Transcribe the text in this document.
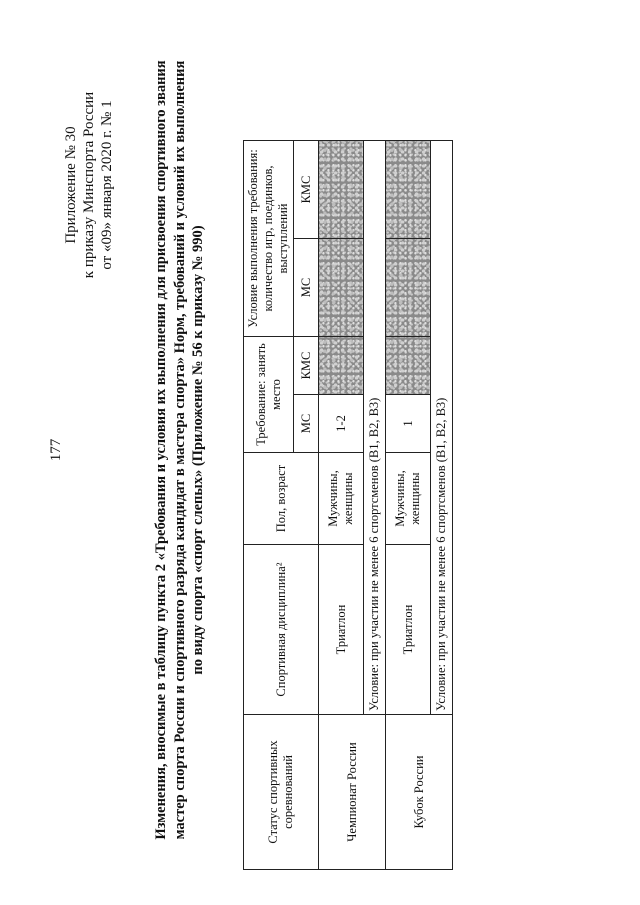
177
Приложение № 30 к приказу Минспорта России от «09» января 2020 г. № 1	Изменения, вносимые в таблицу пункта 2 «Требования и условия их выполнения для присвоения спортивного звания мастер спорта России и спортивного разряда кандидат в мастера спорта» Норм, требований и условий их выполнения по виду спорта «спорт слепых» (Приложение № 56 к приказу № 990)
Статус спортивных соревнований	Спортивная дисциплина²	Пол, возраст	Требование: занять место		Условие выполнения требования: количество игр, поединков, выступлений	
			МС	КМС	МС	КМС
Чемпионат России	Триатлон	Мужчины, женщины	1-2			
	Условие: при участии не менее 6 спортсменов (В1, В2, В3)					
Кубок России	Триатлон	Мужчины, женщины	1			
	Условие: при участии не менее 6 спортсменов (В1, В2, В3)					
